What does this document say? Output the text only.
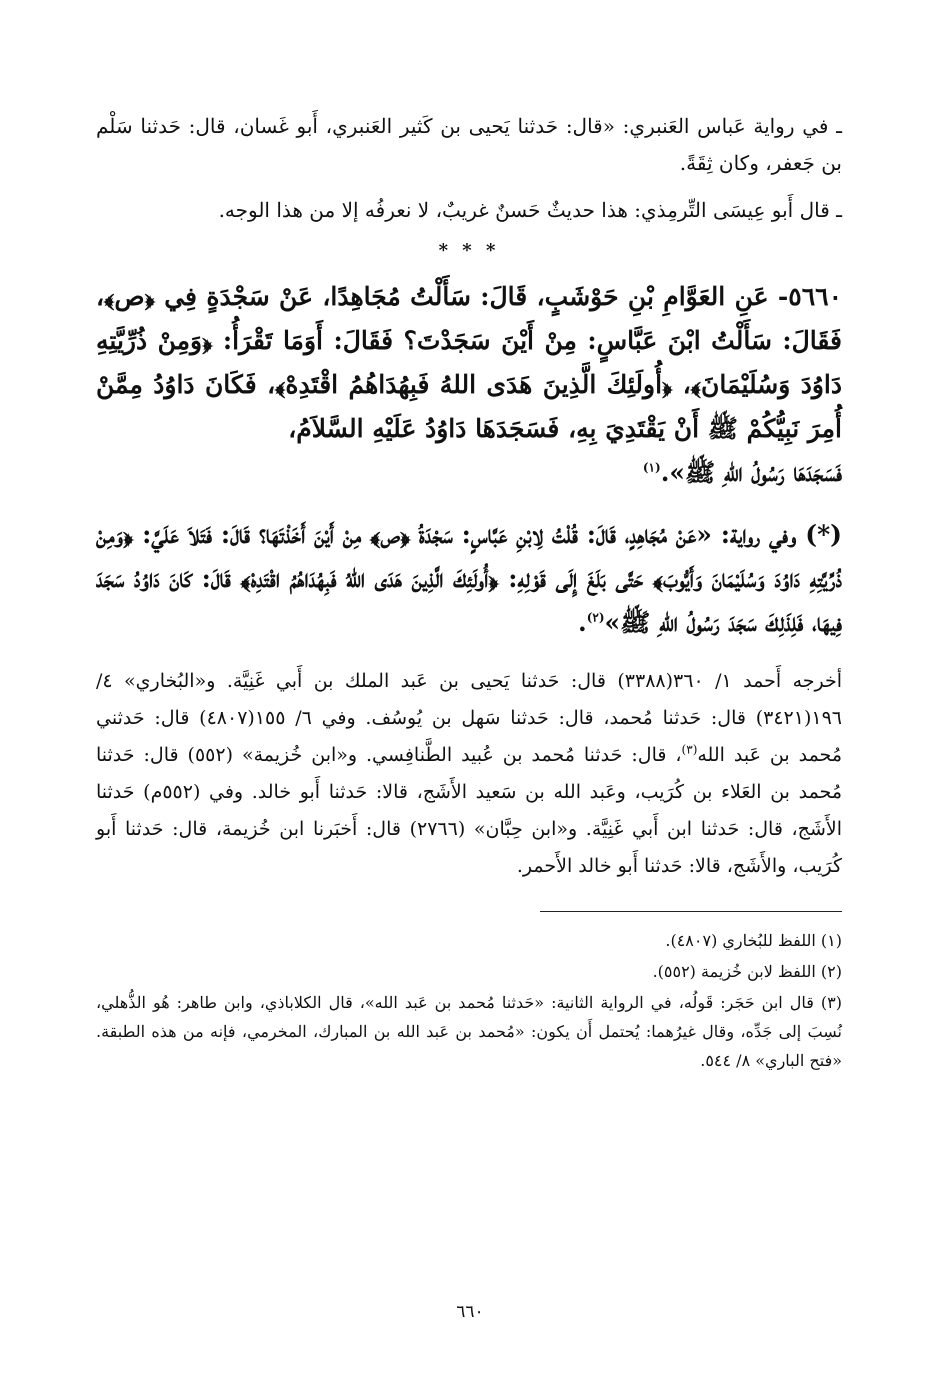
ـ في رواية عَباس العَنبري: «قال: حَدثنا يَحيى بن كَثير العَنبري، أَبو غَسان، قال: حَدثنا سَلْم بن جَعفر، وكان ثِقَةً.

ـ قال أَبو عِيسَى التِّرمِذي: هذا حديثٌ حَسنٌ غريبٌ، لا نعرفُه إلا من هذا الوجه.

* * *

٥٦٦٠- عَنِ العَوَّامِ بْنِ حَوْشَبٍ، قَالَ: سَأَلْتُ مُجَاهِدًا، عَنْ سَجْدَةٍ فِي ﴿ص﴾، فَقَالَ: سَأَلْتُ ابْنَ عَبَّاسٍ: مِنْ أَيْنَ سَجَدْتَ؟ فَقَالَ: أَوَمَا تَقْرَأُ: ﴿وَمِنْ ذُرِّيَّتِهِ دَاوُدَ وَسُلَيْمَانَ﴾، ﴿أُولَئِكَ الَّذِينَ هَدَى اللهُ فَبِهُدَاهُمُ اقْتَدِهْ﴾، فَكَانَ دَاوُدُ مِمَّنْ أُمِرَ نَبِيُّكُمْ ﷺ أَنْ يَقْتَدِيَ بِهِ، فَسَجَدَهَا دَاوُدُ عَلَيْهِ السَّلاَمُ،
فَسَجَدَهَا رَسُولُ اللهِ ﷺ».$^{(١)}$

(*) وفي رواية: «عَنْ مُجَاهِدٍ، قَالَ: قُلْتُ لِابْنِ عَبَّاسٍ: سَجْدَةُ ﴿ص﴾ مِنْ أَيْنَ أَخَذْتَهَا؟ قَالَ: فَتَلاَ عَلَيَّ: ﴿وَمِنْ ذُرِّيَّتِهِ دَاوُدَ وَسُلَيْمَانَ وَأَيُّوبَ﴾ حَتَّى بَلَغَ إِلَى قَوْلِهِ: ﴿أُولَئِكَ الَّذِينَ هَدَى اللهُ فَبِهُدَاهُمُ اقْتَدِهْ﴾ قَالَ: كَانَ دَاوُدُ سَجَدَ فِيهَا، فَلِذَلِكَ سَجَدَ رَسُولُ اللهِ ﷺ»$^{(٢)}$.

أخرجه أَحمد ١/ ٣٦٠(٣٣٨٨) قال: حَدثنا يَحيى بن عَبد الملك بن أَبي غَنِيَّة. و«البُخاري» ٤/ ١٩٦(٣٤٢١) قال: حَدثنا مُحمد، قال: حَدثنا سَهل بن يُوسُف. وفي ٦/ ١٥٥(٤٨٠٧) قال: حَدثني مُحمد بن عَبد الله$^{(٣)}$، قال: حَدثنا مُحمد بن عُبيد الطَّنافِسي. و«ابن خُزيمة» (٥٥٢) قال: حَدثنا مُحمد بن العَلاء بن كُرَيب، وعَبد الله بن سَعيد الأَشَج، قالا: حَدثنا أَبو خالد. وفي (٥٥٢م) حَدثنا الأَشَج، قال: حَدثنا ابن أَبي غَنِيَّة. و«ابن حِبَّان» (٢٧٦٦) قال: أَخبَرنا ابن خُزيمة، قال: حَدثنا أَبو كُرَيب، والأَشَج، قالا: حَدثنا أَبو خالد الأَحمر.

(١) اللفظ للبُخاري (٤٨٠٧).

(٢) اللفظ لابن خُزيمة (٥٥٢).

(٣) قال ابن حَجَر: قَولُه، في الرواية الثانية: «حَدثنا مُحمد بن عَبد الله»، قال الكلاباذي، وابن طاهر: هُو الذُّهلي، نُسِبَ إلى جَدِّه، وقال غيرُهما: يُحتمل أَن يكون: «مُحمد بن عَبد الله بن المبارك، المخرمي، فإنه من هذه الطبقة. «فتح الباري» ٨/ ٥٤٤.

٦٦٠
